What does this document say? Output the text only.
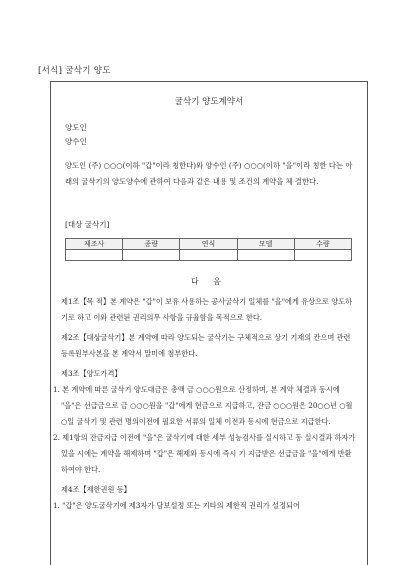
[서식] 굴삭기 양도
굴삭기 양도계약서
양도인
양수인
양도인 (주) ○○○(이하 "갑"이라 칭한다)와 양수인 (주) ○○○(이하 "을"이라 칭한 다는 아래의 굴삭기의 양도양수에 관하여 다음과 같은 내용 및 조건의 계약을 체 결한다.
[대상 굴삭기]
제조사	종량	연식	모델	수량

다 음

제1조【목 적】본 계약은 "갑"이 보유 사용하는 공사굴삭기 일체를 "을"에게 유상으로 양도하기로 하고 이와 관련된 권리의무 사항을 규율함을 목적으로 한다.

제2조【대상굴삭기】본 계약에 따라 양도되는 굴삭기는 구체적으로 상기 기재의 칸으며 관련 등록원부사본을 본 계약서 말미에 첨부한다.

제3조【양도가격】

1. 본 계약에 따른 굴삭기 양도대금은 총액 금 ○○○원으로 산정하며, 본 계약 체결과 동시에 "을"은 선급금으로 금 ○○○원을 "갑"에게 현금으로 지급하고, 잔금 ○○○원은 20○○년 ○월 ○일 굴삭기 및 관련 명의이전에 필요한 서류의 일체 이전과 동시에 현금으로 지급한다.

2. 제1항의 잔금지급 이전에 "을"은 굴삭기에 대한 세부 성능검사를 실시하고 동 실시결과 하자가 있을 시에는 계약을 해제하며 "갑"은 해제와 동시에 즉시 기 지급받은 선급금을 "을"에게 반환하여야 한다.

제4조【제한권원 등】

1. "갑"은 양도굴삭기에 제3자가 담보설정 또는 기타의 제한적 권리가 설정되어
